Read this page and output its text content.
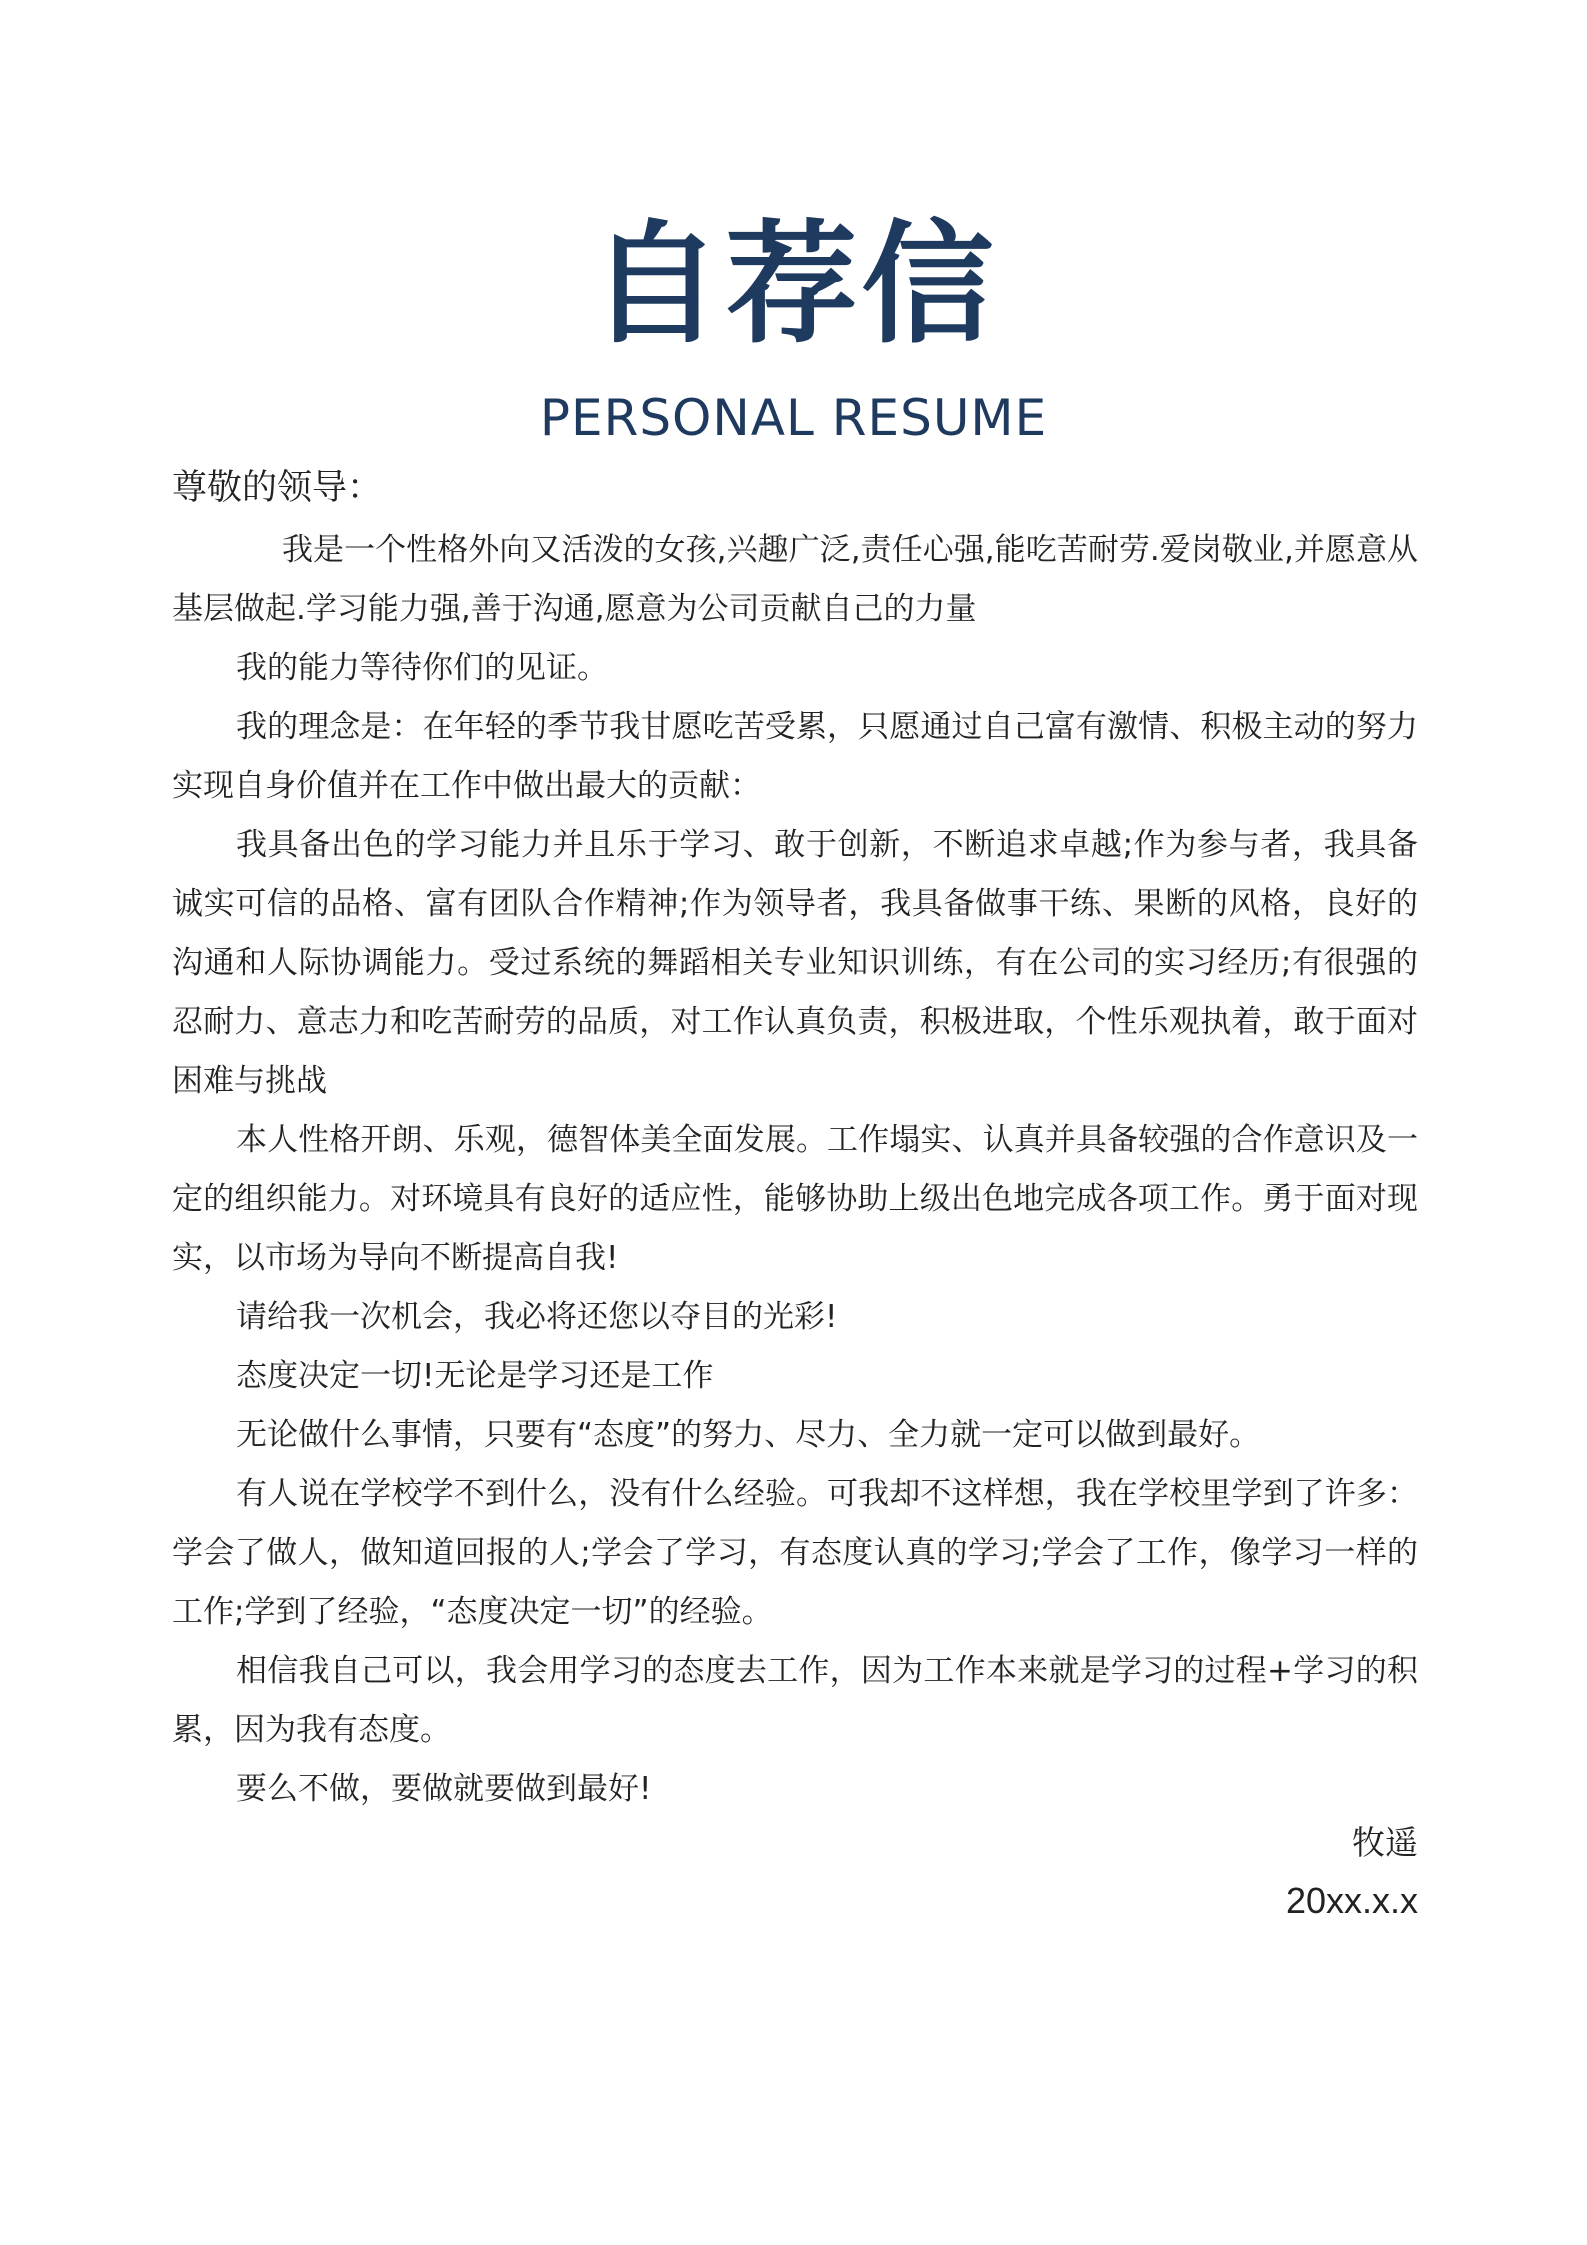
自荐信
PERSONAL RESUME

尊敬的领导：

我是一个性格外向又活泼的女孩,兴趣广泛,责任心强,能吃苦耐劳.爱岗敬业,并愿意从基层做起.学习能力强,善于沟通,愿意为公司贡献自己的力量

我的能力等待你们的见证。

我的理念是：在年轻的季节我甘愿吃苦受累，只愿通过自己富有激情、积极主动的努力实现自身价值并在工作中做出最大的贡献：

我具备出色的学习能力并且乐于学习、敢于创新，不断追求卓越;作为参与者，我具备诚实可信的品格、富有团队合作精神;作为领导者，我具备做事干练、果断的风格，良好的沟通和人际协调能力。受过系统的舞蹈相关专业知识训练，有在公司的实习经历;有很强的忍耐力、意志力和吃苦耐劳的品质，对工作认真负责，积极进取，个性乐观执着，敢于面对困难与挑战

本人性格开朗、乐观，德智体美全面发展。工作塌实、认真并具备较强的合作意识及一定的组织能力。对环境具有良好的适应性，能够协助上级出色地完成各项工作。勇于面对现实，以市场为导向不断提高自我!

请给我一次机会，我必将还您以夺目的光彩!

态度决定一切!无论是学习还是工作

无论做什么事情，只要有“态度”的努力、尽力、全力就一定可以做到最好。

有人说在学校学不到什么，没有什么经验。可我却不这样想，我在学校里学到了许多：学会了做人，做知道回报的人;学会了学习，有态度认真的学习;学会了工作，像学习一样的工作;学到了经验，“态度决定一切”的经验。

相信我自己可以，我会用学习的态度去工作，因为工作本来就是学习的过程+学习的积累，因为我有态度。

要么不做，要做就要做到最好!

牧遥
20xx.x.x
